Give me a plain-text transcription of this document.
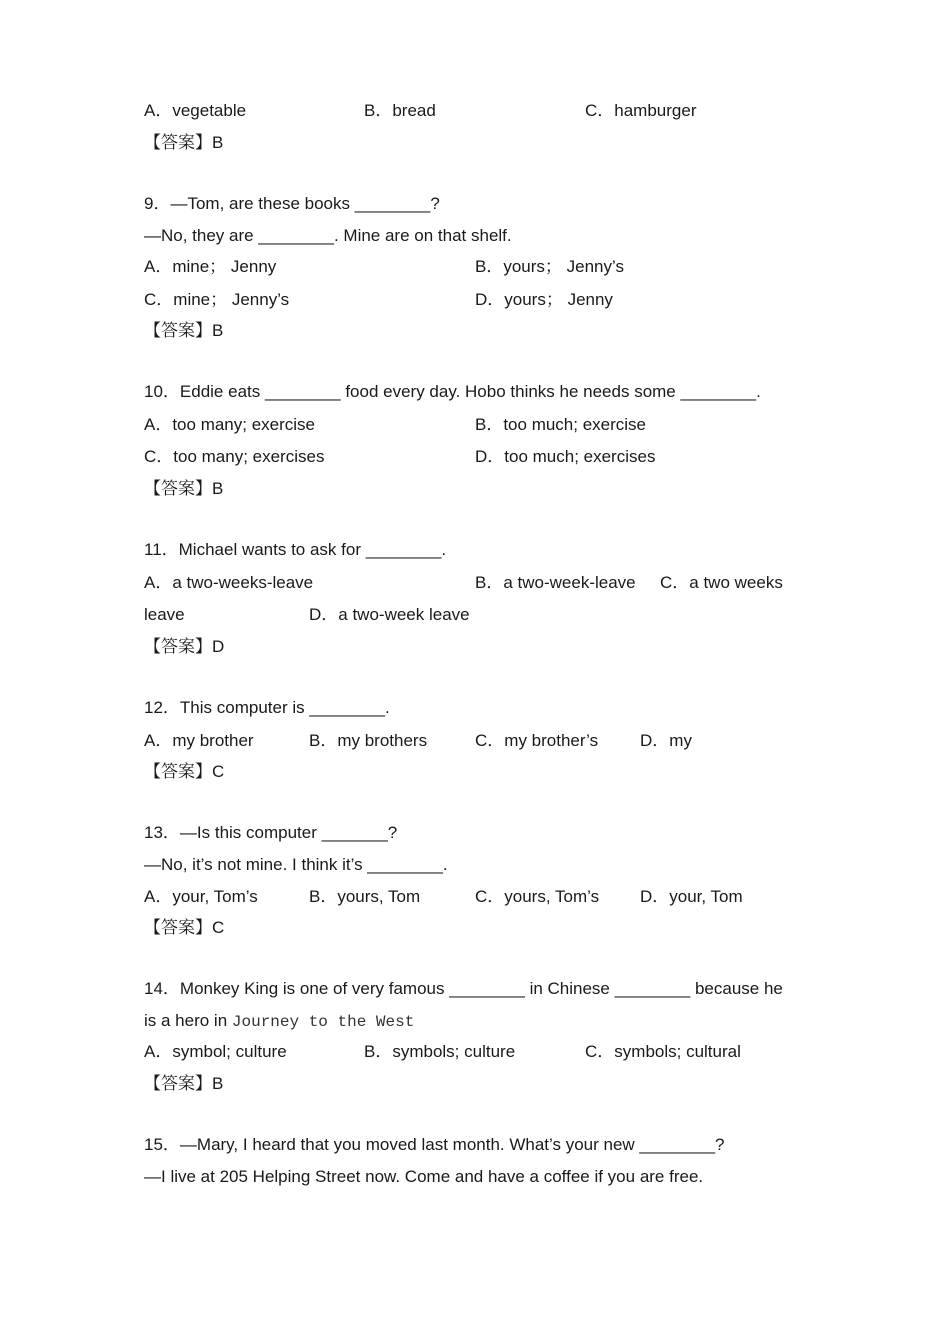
A．vegetable	B．bread	C．hamburger
【答案】B
9．—Tom, are these books ________?
—No, they are ________. Mine are on that shelf.
A．mine； Jenny	B．yours； Jenny’s
C．mine； Jenny’s	D．yours； Jenny
【答案】B
10．Eddie eats ________ food every day. Hobo thinks he needs some ________.
A．too many; exercise	B．too much; exercise
C．too many; exercises	D．too much; exercises
【答案】B
11．Michael wants to ask for ________.
A．a two-weeks-leave	B．a two-week-leave C．a two weeks
leave	D．a two-week leave
【答案】D
12．This computer is ________.
A．my brother	B．my brothers	C．my brother’s D．my
【答案】C
13．—Is this computer _______?
—No, it’s not mine. I think it’s ________.
A．your, Tom’s	B．yours, Tom	C．yours, Tom’s D．your, Tom
【答案】C
14．Monkey King is one of very famous ________ in Chinese ________ because he
is a hero in Journey to the West
A．symbol; culture	B．symbols; culture	C．symbols; cultural
【答案】B
15．—Mary, I heard that you moved last month. What’s your new ________?
—I live at 205 Helping Street now. Come and have a coffee if you are free.
